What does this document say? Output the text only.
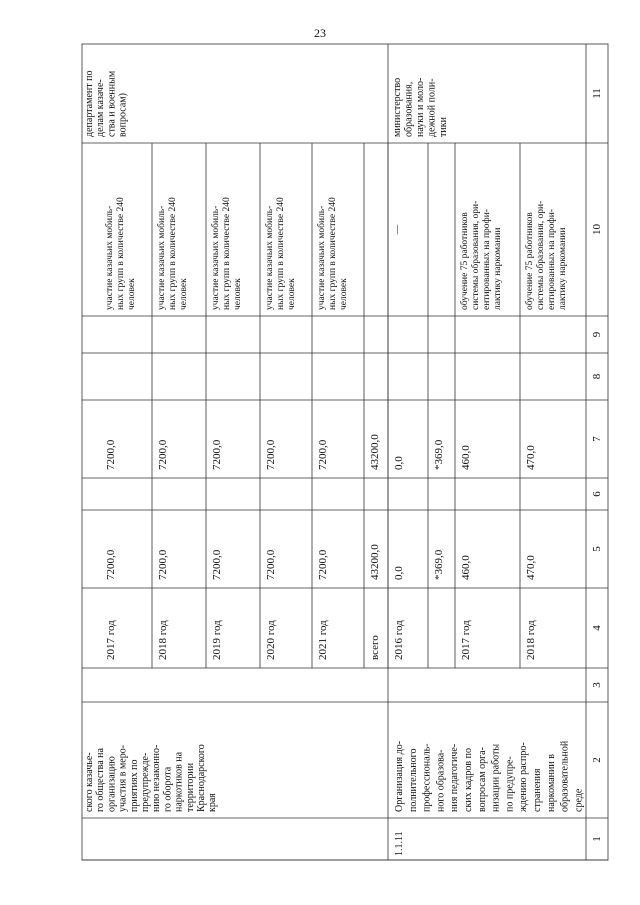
23
1
2
3
4
5
6
7
8
9
10
11
2017 год
7200,0
7200,0
участие казачьих мобиль- ных групп в количестве 240 человек
2018 год
7200,0
7200,0
участие казачьих мобиль- ных групп в количестве 240 человек
2019 год
7200,0
7200,0
участие казачьих мобиль- ных групп в количестве 240 человек
2020 год
7200,0
7200,0
участие казачьих мобиль- ных групп в количестве 240 человек
2021 год
7200,0
7200,0
участие казачьих мобиль- ных групп в количестве 240 человек
всего
43200,0
43200,0
ского казачье- го общества на организацию участия в меро- приятиях по предупрежде- нию незаконно- го оборота наркотиков на территории Краснодарского края
департамент по делам казаче- ства и военным вопросам)
2016 год
0,0
0,0
—
*369,0
*369,0
2017 год
460,0
460,0
обучение 75 работников системы образования, ори- ентированных на профи- лактику наркомании
2018 год
470,0
470,0
обучение 75 работников системы образования, ори- ентированных на профи- лактику наркомании
1.1.11
Организация до- полнительного профессиональ- ного образова- ния педагогиче- ских кадров по вопросам орга- низации работы по предупре- ждению распро- странения наркомании в образовательной среде
министерство образования, науки и моло- дежной поли- тики
